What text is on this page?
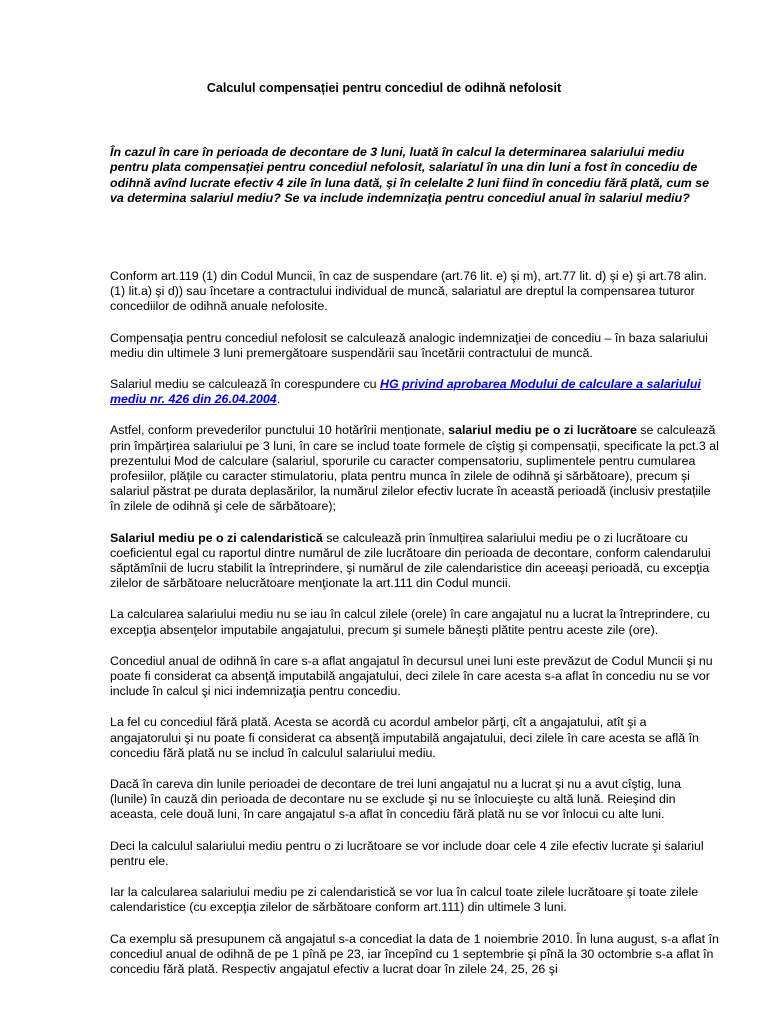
Calculul compensației pentru concediul de odihnă nefolosit

În cazul în care în perioada de decontare de 3 luni, luată în calcul la determinarea salariului mediu pentru plata compensației pentru concediul nefolosit, salariatul în una din luni a fost în concediu de odihnă avînd lucrate efectiv 4 zile în luna dată, şi în celelalte 2 luni fiind în concediu fără plată, cum se va determina salariul mediu? Se va include indemnizaţia pentru concediul anual în salariul mediu?

Conform art.119 (1) din Codul Muncii, în caz de suspendare (art.76 lit. e) şi m), art.77 lit. d) şi e) şi art.78 alin.(1) lit.a) şi d)) sau încetare a contractului individual de muncă, salariatul are dreptul la compensarea tuturor concediilor de odihnă anuale nefolosite.

Compensaţia pentru concediul nefolosit se calculează analogic indemnizaţiei de concediu – în baza salariului mediu din ultimele 3 luni premergătoare suspendării sau încetării contractului de muncă.

Salariul mediu se calculează în corespundere cu HG privind aprobarea Modului de calculare a salariului mediu nr. 426 din 26.04.2004.

Astfel, conform prevederilor punctului 10 hotărîrii menționate, salariul mediu pe o zi lucrătoare se calculează prin împărțirea salariului pe 3 luni, în care se includ toate formele de cîştig şi compensații, specificate la pct.3 al prezentului Mod de calculare (salariul, sporurile cu caracter compensatoriu, suplimentele pentru cumularea profesiilor, plățile cu caracter stimulatoriu, plata pentru munca în zilele de odihnă şi sărbătoare), precum şi salariul păstrat pe durata deplasărilor, la numărul zilelor efectiv lucrate în această perioadă (inclusiv prestațiile în zilele de odihnă şi cele de sărbătoare);

Salariul mediu pe o zi calendaristică se calculează prin înmulțirea salariului mediu pe o zi lucrătoare cu coeficientul egal cu raportul dintre numărul de zile lucrătoare din perioada de decontare, conform calendarului săptămînii de lucru stabilit la întreprindere, şi numărul de zile calendaristice din aceeaşi perioadă, cu excepţia zilelor de sărbătoare nelucrătoare menţionate la art.111 din Codul muncii.

La calcularea salariului mediu nu se iau în calcul zilele (orele) în care angajatul nu a lucrat la întreprindere, cu excepţia absenţelor imputabile angajatului, precum şi sumele băneşti plătite pentru aceste zile (ore).

Concediul anual de odihnă în care s-a aflat angajatul în decursul unei luni este prevăzut de Codul Muncii şi nu poate fi considerat ca absenţă imputabilă angajatului, deci zilele în care acesta s-a aflat în concediu nu se vor include în calcul şi nici indemnizaţia pentru concediu.

La fel cu concediul fără plată. Acesta se acordă cu acordul ambelor părţi, cît a angajatului, atît şi a angajatorului şi nu poate fi considerat ca absenţă imputabilă angajatului, deci zilele în care acesta se află în concediu fără plată nu se includ în calculul salariului mediu.

Dacă în careva din lunile perioadei de decontare de trei luni angajatul nu a lucrat şi nu a avut cîştig, luna (lunile) în cauză din perioada de decontare nu se exclude şi nu se înlocuieşte cu altă lună. Reieşind din aceasta, cele două luni, în care angajatul s-a aflat în concediu fără plată nu se vor înlocui cu alte luni.

Deci la calculul salariului mediu pentru o zi lucrătoare se vor include doar cele 4 zile efectiv lucrate şi salariul pentru ele.

Iar la calcularea salariului mediu pe zi calendaristică se vor lua în calcul toate zilele lucrătoare şi toate zilele calendaristice (cu excepţia zilelor de sărbătoare conform art.111) din ultimele 3 luni.

Ca exemplu să presupunem că angajatul s-a concediat la data de 1 noiembrie 2010. În luna august, s-a aflat în concediul anual de odihnă de pe 1 pînă pe 23, iar începînd cu 1 septembrie şi pînă la 30 octombrie s-a aflat în concediu fără plată. Respectiv angajatul efectiv a lucrat doar în zilele 24, 25, 26 şi
